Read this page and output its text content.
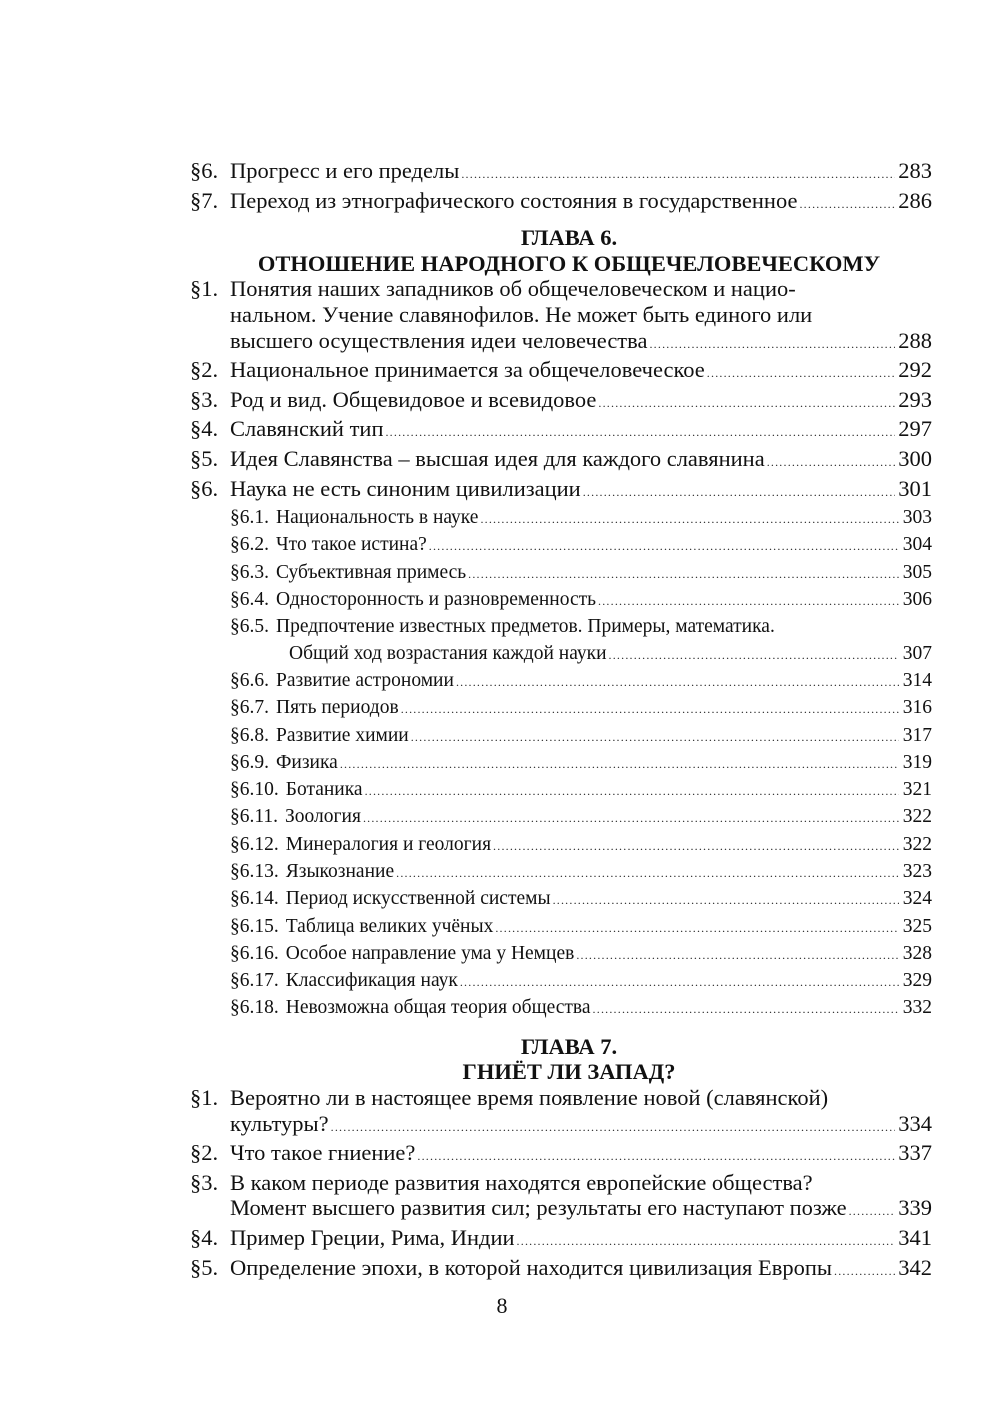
§6. Прогресс и его пределы .....	283
§7. Переход из этнографического состояния в государственное .....	286
ГЛАВА 6.
ОТНОШЕНИЕ НАРОДНОГО К ОБЩЕЧЕЛОВЕЧЕСКОМУ
§1. Понятия наших западников об общечеловеческом и нацио-
нальном. Учение славянофилов. Не может быть единого или
высшего осуществления идеи человечества .....	288
§2. Национальное принимается за общечеловеческое .....	292
§3. Род и вид. Общевидовое и всевидовое .....	293
§4. Славянский тип .....	297
§5. Идея Славянства – высшая идея для каждого славянина .....	300
§6. Наука не есть синоним цивилизации .....	301
§6.1. Национальность в науке .....	303
§6.2. Что такое истина? .....	304
§6.3. Субъективная примесь .....	305
§6.4. Односторонность и разновременность .....	306
§6.5. Предпочтение известных предметов. Примеры, математика.
Общий ход возрастания каждой науки .....	307
§6.6. Развитие астрономии .....	314
§6.7. Пять периодов .....	316
§6.8. Развитие химии .....	317
§6.9. Физика .....	319
§6.10. Ботаника .....	321
§6.11. Зоология .....	322
§6.12. Минералогия и геология .....	322
§6.13. Языкознание .....	323
§6.14. Период искусственной системы .....	324
§6.15. Таблица великих учёных .....	325
§6.16. Особое направление ума у Немцев .....	328
§6.17. Классификация наук .....	329
§6.18. Невозможна общая теория общества .....	332
ГЛАВА 7.
ГНИЁТ ЛИ ЗАПАД?
§1. Вероятно ли в настоящее время появление новой (славянской)
культуры? .....	334
§2. Что такое гниение? .....	337
§3. В каком периоде развития находятся европейские общества?
Момент высшего развития сил; результаты его наступают позже ..... 339
§4. Пример Греции, Рима, Индии .....	341
§5. Определение эпохи, в которой находится цивилизация Европы .....	342
8
